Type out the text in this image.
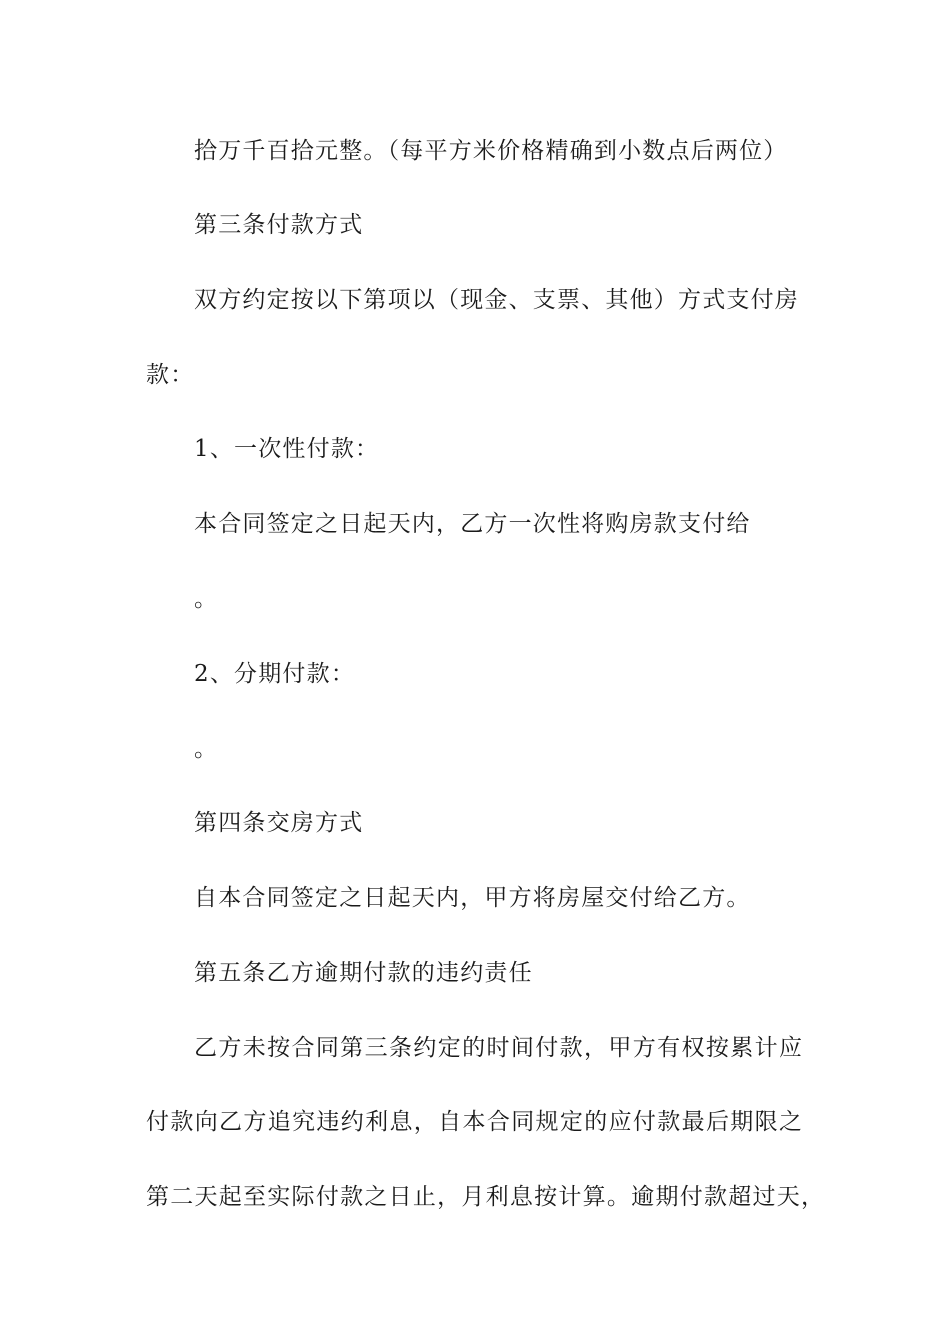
拾万千百拾元整。（每平方米价格精确到小数点后两位）
第三条付款方式
双方约定按以下第项以（现金、支票、其他）方式支付房
款：
1、一次性付款：
本合同签定之日起天内，乙方一次性将购房款支付给
。
2、分期付款：
。
第四条交房方式
自本合同签定之日起天内，甲方将房屋交付给乙方。
第五条乙方逾期付款的违约责任
乙方未按合同第三条约定的时间付款，甲方有权按累计应
付款向乙方追究违约利息，自本合同规定的应付款最后期限之
第二天起至实际付款之日止，月利息按计算。逾期付款超过天，
